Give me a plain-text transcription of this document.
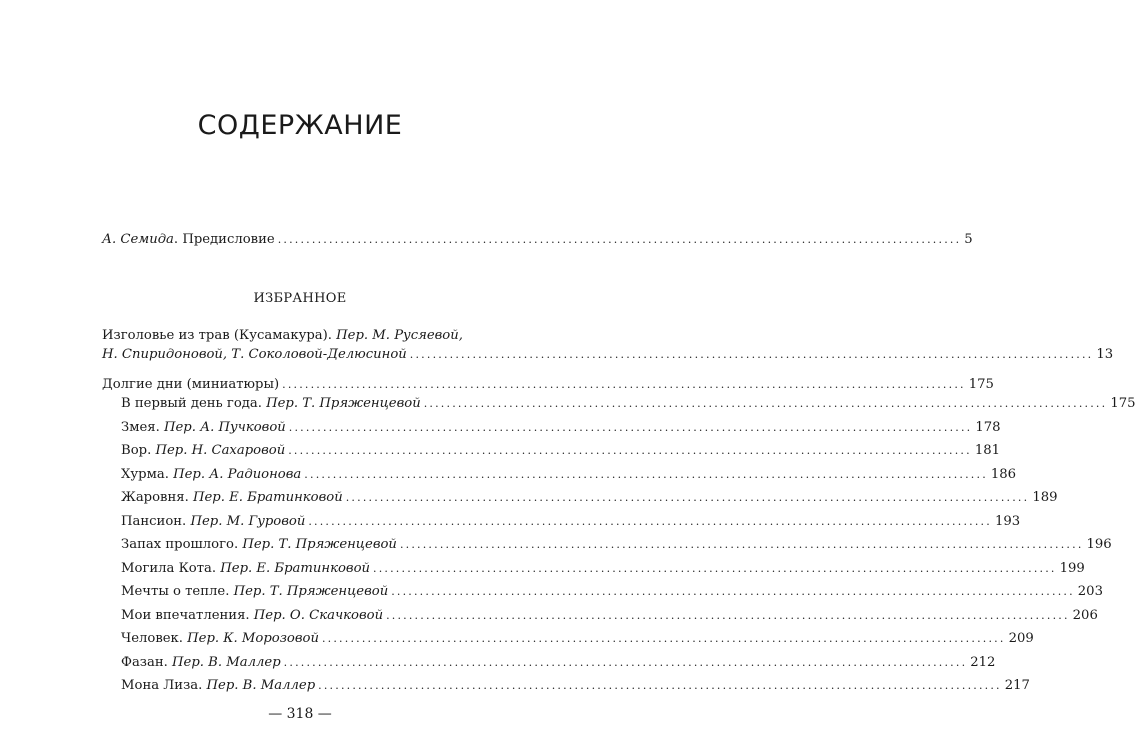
СОДЕРЖАНИЕ
А. Семида. Предисловие ........................................................................................................................ 5
ИЗБРАННОЕ
Изголовье из трав (Кусамакура). Пер. М. Русяевой,
Н. Спиридоновой, Т. Соколовой-Делюсиной ........................................................................................................................ 13
Долгие дни (миниатюры) ........................................................................................................................ 175
В первый день года. Пер. Т. Пряженцевой ........................................................................................................................ 175
Змея. Пер. А. Пучковой ........................................................................................................................ 178
Вор. Пер. Н. Сахаровой ........................................................................................................................ 181
Хурма. Пер. А. Радионова ........................................................................................................................ 186
Жаровня. Пер. Е. Братинковой ........................................................................................................................ 189
Пансион. Пер. М. Гуровой ........................................................................................................................ 193
Запах прошлого. Пер. Т. Пряженцевой ........................................................................................................................ 196
Могила Кота. Пер. Е. Братинковой ........................................................................................................................ 199
Мечты о тепле. Пер. Т. Пряженцевой ........................................................................................................................ 203
Мои впечатления. Пер. О. Скачковой ........................................................................................................................ 206
Человек. Пер. К. Морозовой ........................................................................................................................ 209
Фазан. Пер. В. Маллер ........................................................................................................................ 212
Мона Лиза. Пер. В. Маллер ........................................................................................................................ 217
— 318 —
